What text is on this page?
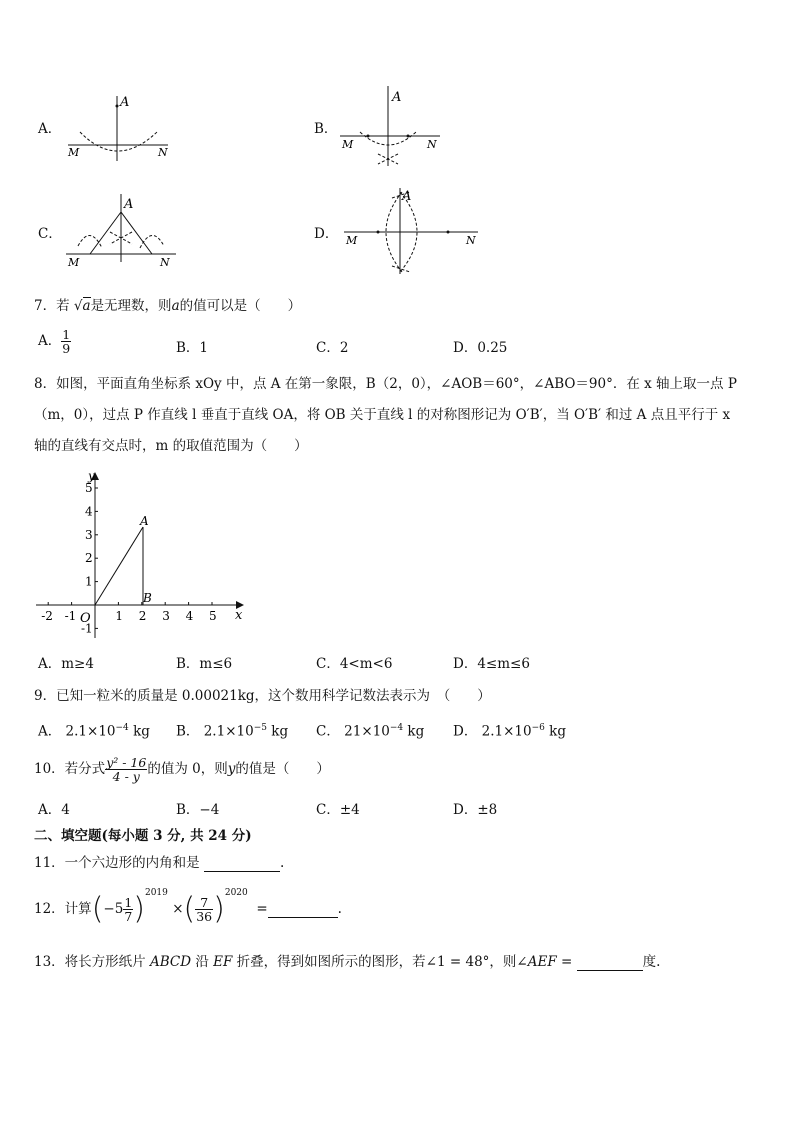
A．
A
M	N
B．
A
M	N
C．
A
M	N
D．
A
M	N
7．若 √a是无理数，则a的值可以是（　　）
A． $\frac{1}{9}$	B．1	C．2	D．0.25
8．如图，平面直角坐标系 xOy 中，点 A 在第一象限，B（2，0），∠AOB＝60°，∠ABO＝90°．在 x 轴上取一点 P
（m，0），过点 P 作直线 l 垂直于直线 OA，将 OB 关于直线 l 的对称图形记为 O′B′，当 O′B′ 和过 A 点且平行于 x
轴的直线有交点时，m 的取值范围为（　　）
-2 -1	1 2 3 4 5
5
4
3
2
1
-1
y
x
O
A
B
A．m≥4	B．m≤6	C．4<m<6	D．4≤m≤6
9．已知一粒米的质量是 0.00021kg，这个数用科学记数法表示为　（　　）
A． $2.1\times 10^{-4}$ kg B． $2.1\times 10^{-5}$ kg C． $21\times 10^{-4}$ kg D． $2.1\times 10^{-6}$ kg
10．若分式 $\frac{\text{y² - 16}}{4 - y}$ 的值为 0，则y的值是（　　）
A．4	B．−4	C．±4	D．±8
二、填空题(每小题 3 分, 共 24 分)
11．一个六边形的内角和是	.
12．计算$(-5 \frac{1}{7} )^{2019}$ ×( $\frac{7}{36} )^{2020}$  =	.
13．将长方形纸片 ABCD 沿 EF 折叠，得到如图所示的图形，若∠1 = 48°，则∠AEF =	度.
